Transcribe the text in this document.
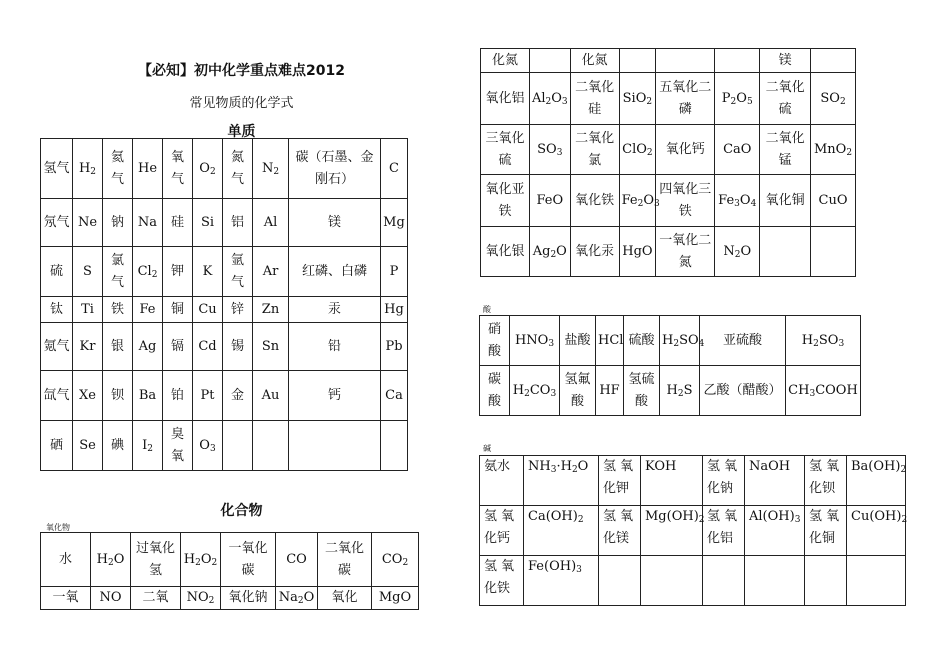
【必知】初中化学重点难点2012
常见物质的化学式
单质
氢气	$H_2$	氦气	He	氧气	$O_2$	氮气	$N_2$	碳（石墨、金刚石）	C
氖气	Ne	钠	Na	硅	Si	铝	Al	镁	Mg
硫	S	氯气	$Cl_2$	钾	K	氩气	Ar	红磷、白磷	P
钛	Ti	铁	Fe	铜	Cu	锌	Zn	汞	Hg
氪气	Kr	银	Ag	镉	Cd	锡	Sn	铅	Pb
氙气	Xe	钡	Ba	铂	Pt	金	Au	钙	Ca
硒	Se	碘	$I_2$	臭氧	$O_3$				
化合物
氧化物
水	$H_2O$	过氧化氢	$H_2O_2$	一氧化碳	CO	二氧化碳	$CO_2$
一氧	NO	二氧	$NO_2$	氧化钠	$Na_2O$	氧化	MgO
化氮		化氮				镁	
氧化铝	$Al_2O_3$	二氧化硅	SiO$_2$	五氧化二磷	$P_2O_5$	二氧化硫	$SO_2$
三氧化硫	$SO_3$	二氧化氯	ClO$_2$	氧化钙	CaO	二氧化锰	MnO$_2$
氧化亚铁	FeO	氧化铁	$Fe_2O_3$	四氧化三铁	$Fe_3O_4$	氧化铜	CuO
氧化银	$Ag_2O$	氧化汞	HgO	一氧化二氮	$N_2O$		
酸
硝酸	$HNO_3$	盐酸	HCl	硫酸	$H_2SO_4$	亚硫酸	$H_2SO_3$
碳酸	$H_2CO_3$	氢氟酸	HF	氢硫酸	$H_2S$	乙酸（醋酸）	$CH_3COOH$
碱
氨水	$NH_3\cdot H_2O$	氢 氧化钾	KOH	氢 氧化钠	NaOH	氢 氧化钡	$Ba(OH)_2$
氢 氧化钙	$Ca(OH)_2$	氢 氧化镁	$Mg(OH)_2$	氢 氧化铝	$Al(OH)_3$	氢 氧化铜	$Cu(OH)_2$
氢 氧化铁	$Fe(OH)_3$						
